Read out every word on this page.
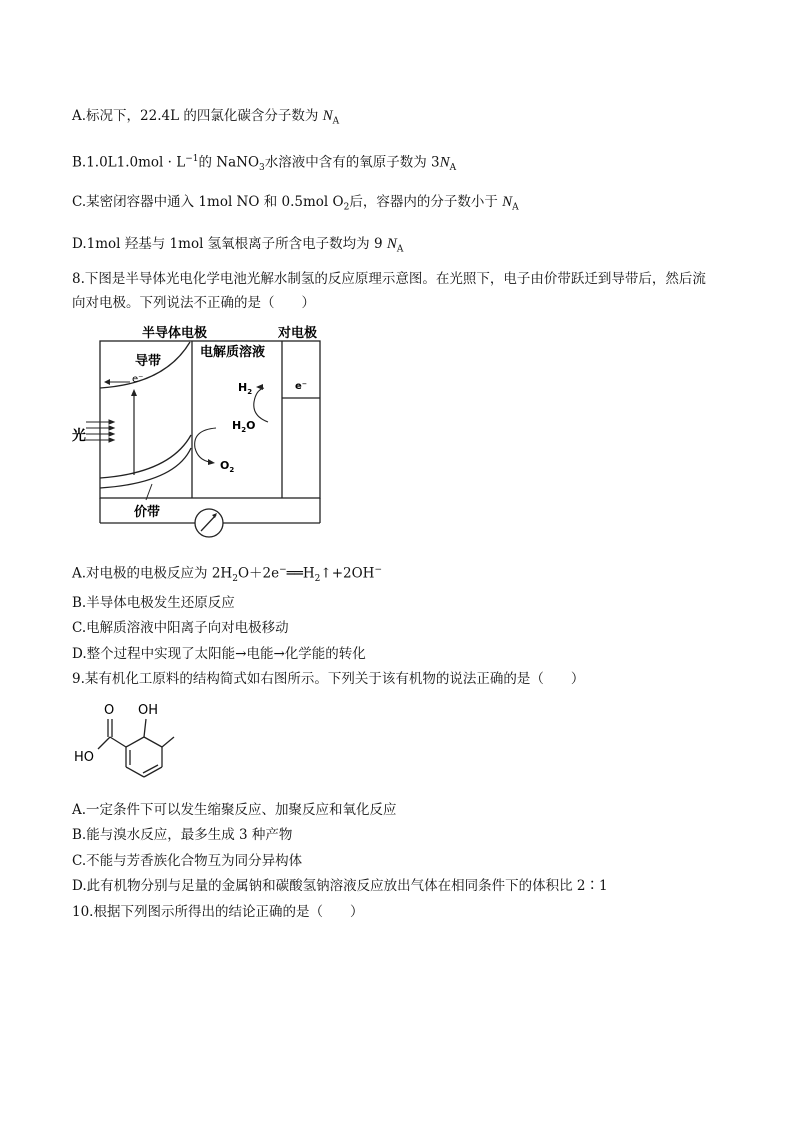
A.标况下，22.4L 的四氯化碳含分子数为 $N_A$
$B.1.0L1.0mol \cdot L^{-1}$的 NaNO$_3$水溶液中含有的氧原子数为 $3N_A$
C.某密闭容器中通入 1mol NO 和 0.5mol $O_2$后，容器内的分子数小于 $N_A$
D.1mol 羟基与 1mol 氢氧根离子所含电子数均为 9 $N_A$
8.下图是半导体光电化学电池光解水制氢的反应原理示意图。在光照下，电子由价带跃迁到导带后，然后流
向对电极。下列说法不正确的是（　　）
半导体电极	对电极
导带
e⁻
价带
光
电解质溶液
$O_2$
$H_2$
$H_2O$
e⁻
A.对电极的电极反应为 $2H_2O+2e^-══H_2↑+2OH^-$
B.半导体电极发生还原反应
C.电解质溶液中阳离子向对电极移动
D.整个过程中实现了太阳能→电能→化学能的转化
9.某有机化工原料的结构简式如右图所示。下列关于该有机物的说法正确的是（　　）
O OH
HO
A.一定条件下可以发生缩聚反应、加聚反应和氧化反应
B.能与溴水反应，最多生成 3 种产物
C.不能与芳香族化合物互为同分异构体
D.此有机物分别与足量的金属钠和碳酸氢钠溶液反应放出气体在相同条件下的体积比 2∶1
10.根据下列图示所得出的结论正确的是（　　）
